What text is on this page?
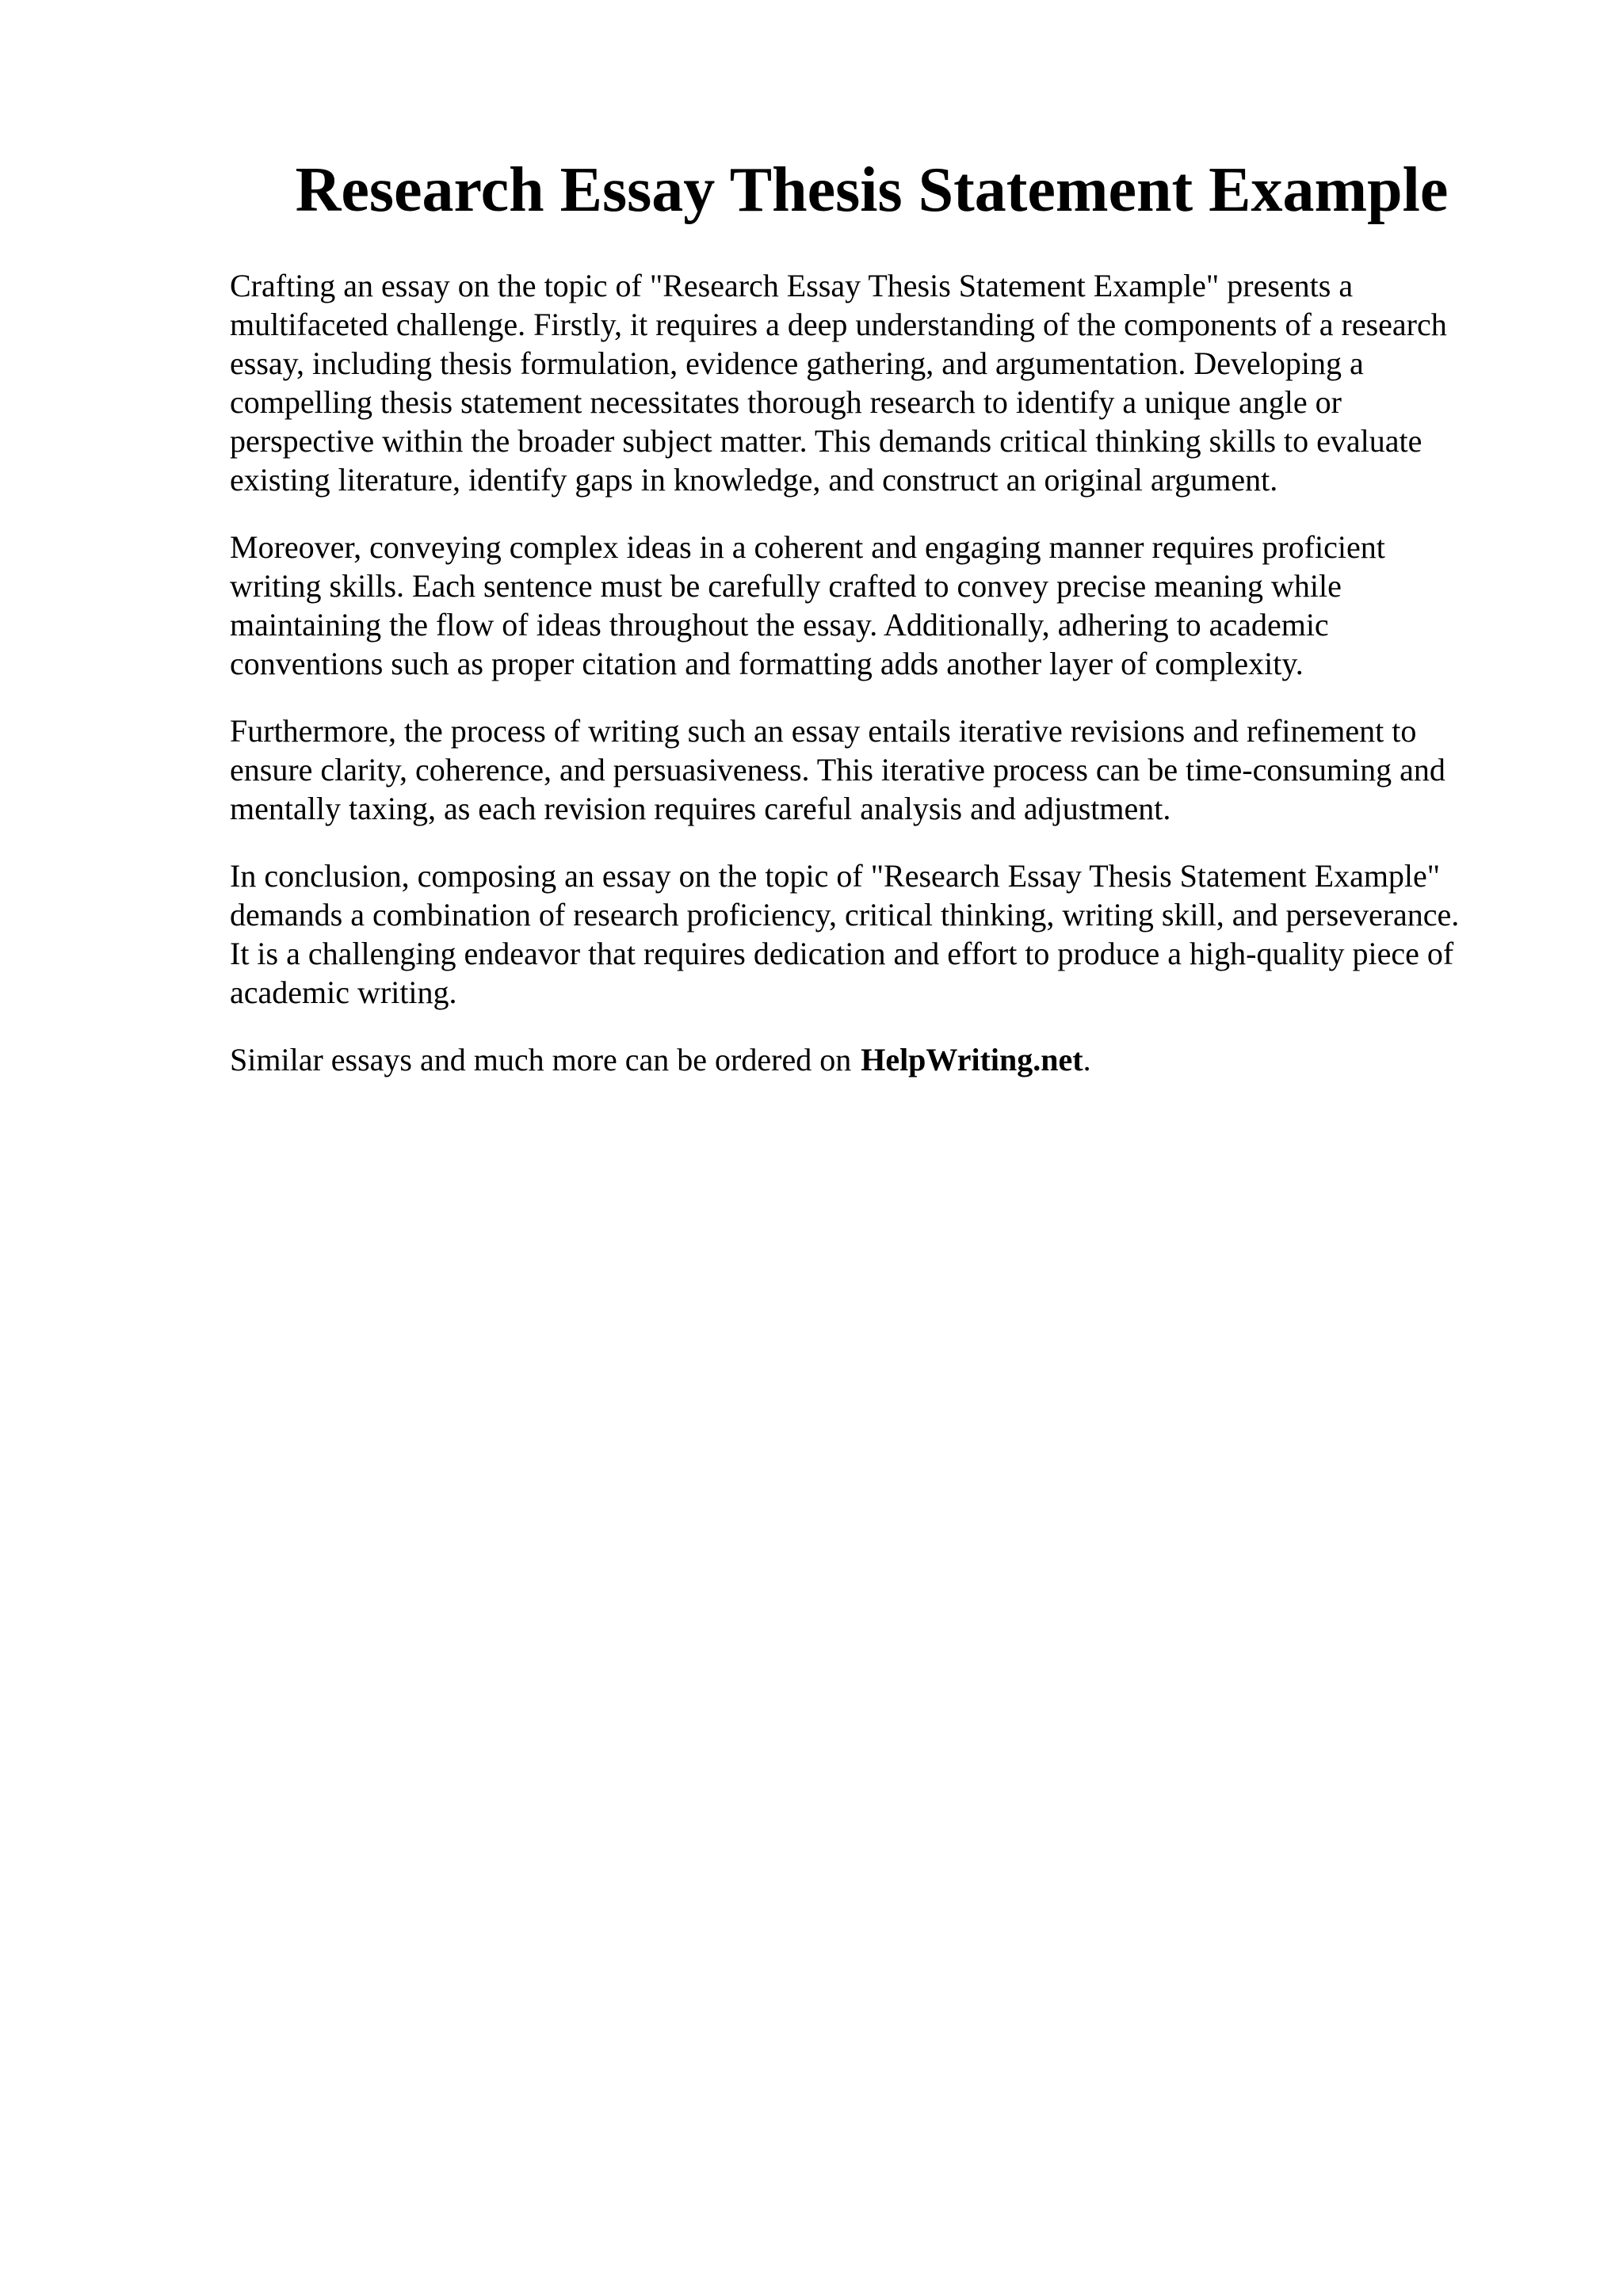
Research Essay Thesis Statement Example

Crafting an essay on the topic of "Research Essay Thesis Statement Example" presents a
multifaceted challenge. Firstly, it requires a deep understanding of the components of a research
essay, including thesis formulation, evidence gathering, and argumentation. Developing a
compelling thesis statement necessitates thorough research to identify a unique angle or
perspective within the broader subject matter. This demands critical thinking skills to evaluate
existing literature, identify gaps in knowledge, and construct an original argument.

Moreover, conveying complex ideas in a coherent and engaging manner requires proficient
writing skills. Each sentence must be carefully crafted to convey precise meaning while
maintaining the flow of ideas throughout the essay. Additionally, adhering to academic
conventions such as proper citation and formatting adds another layer of complexity.

Furthermore, the process of writing such an essay entails iterative revisions and refinement to
ensure clarity, coherence, and persuasiveness. This iterative process can be time-consuming and
mentally taxing, as each revision requires careful analysis and adjustment.

In conclusion, composing an essay on the topic of "Research Essay Thesis Statement Example"
demands a combination of research proficiency, critical thinking, writing skill, and perseverance.
It is a challenging endeavor that requires dedication and effort to produce a high-quality piece of
academic writing.

Similar essays and much more can be ordered on HelpWriting.net.
